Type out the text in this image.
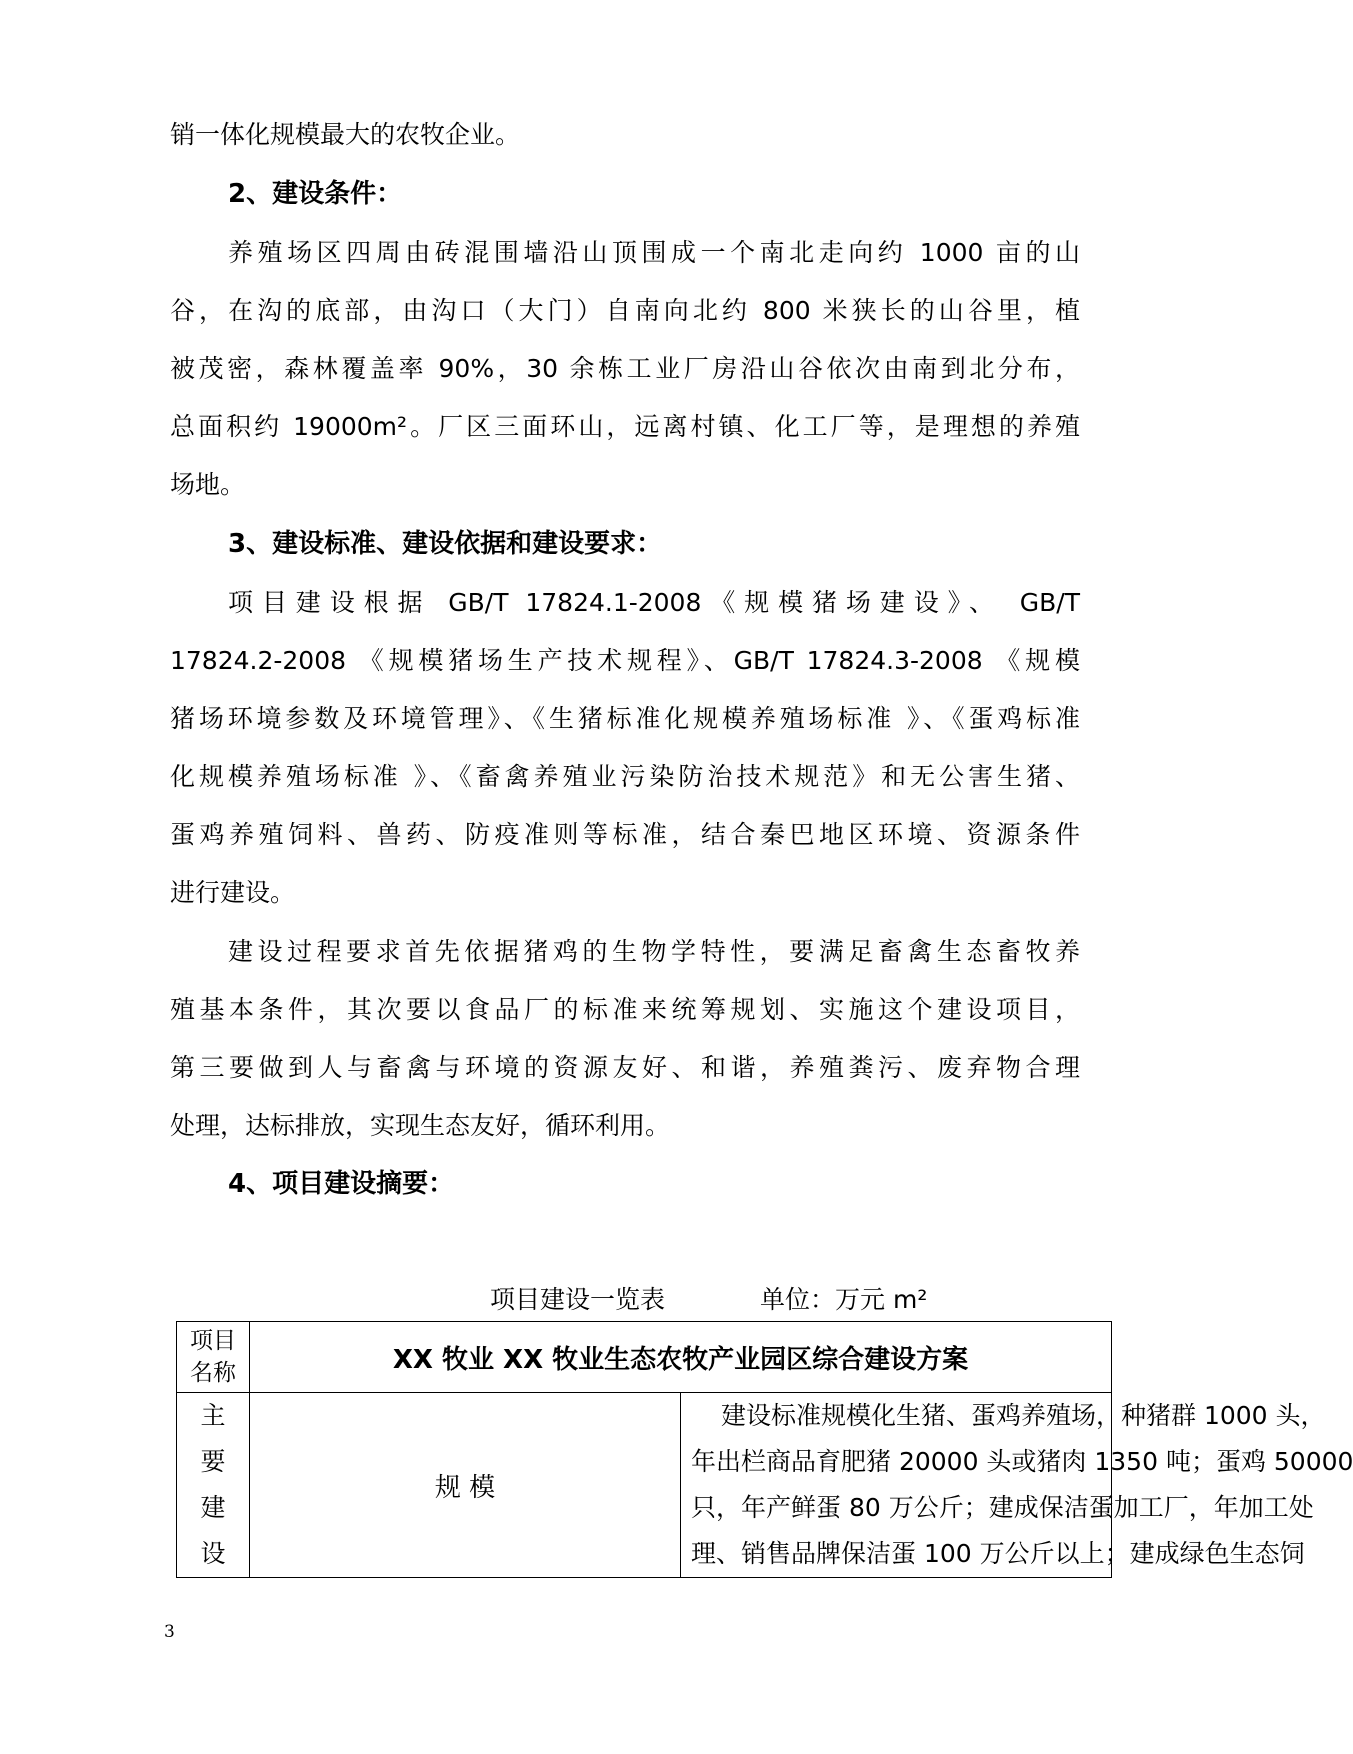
销一体化规模最大的农牧企业。

2、建设条件：

养殖场区四周由砖混围墙沿山顶围成一个南北走向约 1000 亩的山

谷，在沟的底部，由沟口（大门）自南向北约 800 米狭长的山谷里，植

被茂密，森林覆盖率 90%，30 余栋工业厂房沿山谷依次由南到北分布，

总面积约 19000m²。厂区三面环山，远离村镇、化工厂等，是理想的养殖

场地。

3、建设标准、建设依据和建设要求：

项目建设根据 GB/T 17824.1-2008《规模猪场建设》、 GB/T

17824.2-2008 《规模猪场生产技术规程》、GB/T 17824.3-2008 《规模

猪场环境参数及环境管理》、《生猪标准化规模养殖场标准 》、《蛋鸡标准

化规模养殖场标准 》、《畜禽养殖业污染防治技术规范》和无公害生猪、

蛋鸡养殖饲料、兽药、防疫准则等标准，结合秦巴地区环境、资源条件

进行建设。

建设过程要求首先依据猪鸡的生物学特性，要满足畜禽生态畜牧养

殖基本条件，其次要以食品厂的标准来统筹规划、实施这个建设项目，

第三要做到人与畜禽与环境的资源友好、和谐，养殖粪污、废弃物合理

处理，达标排放，实现生态友好，循环利用。

4、项目建设摘要：

项目建设一览表	单位：万元 m²
项目
名称	XX 牧业 XX 牧业生态农牧产业园区综合建设方案	

主
要
建
设	规 模	建设标准规模化生猪、蛋鸡养殖场，种猪群 1000 头，
年出栏商品育肥猪 20000 头或猪肉 1350 吨；蛋鸡 50000
只，年产鲜蛋 80 万公斤；建成保洁蛋加工厂，年加工处
理、销售品牌保洁蛋 100 万公斤以上；建成绿色生态饲
3
